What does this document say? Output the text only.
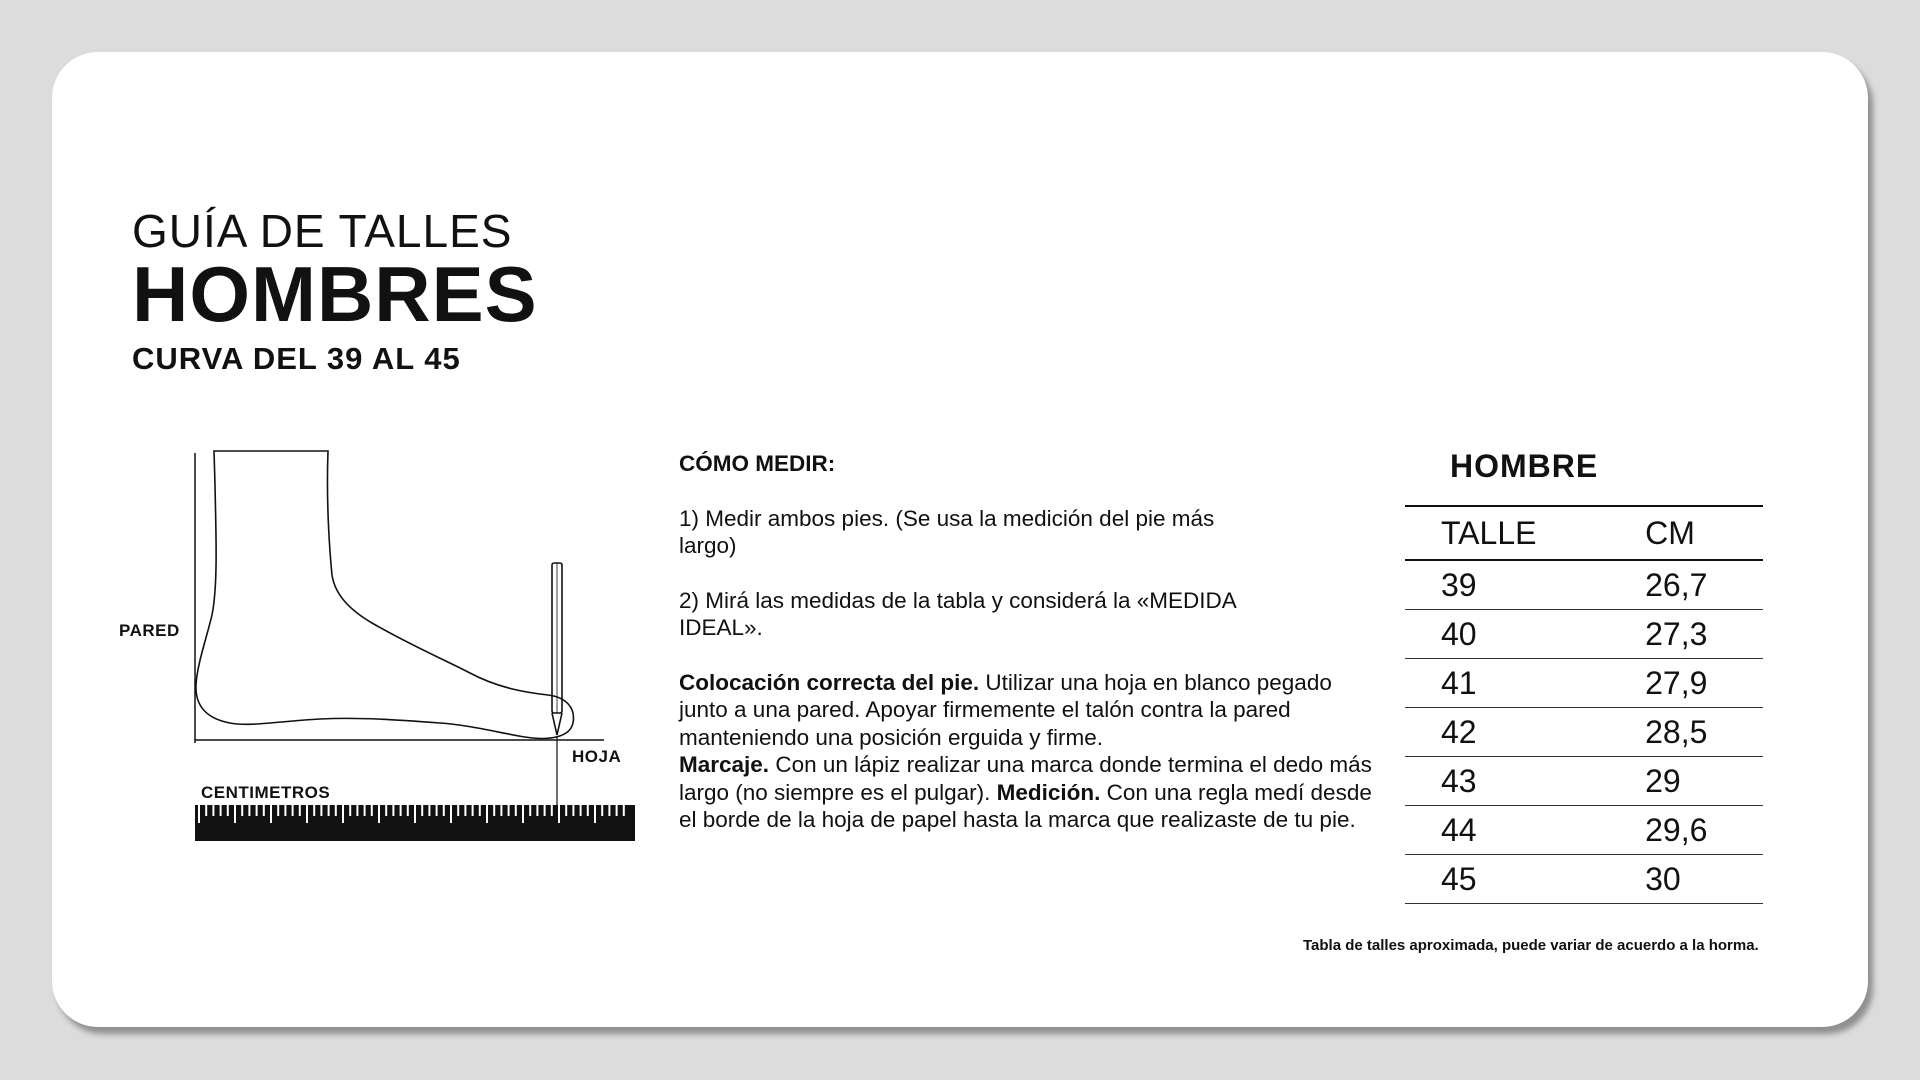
GUÍA DE TALLES
HOMBRES
CURVA DEL 39 AL 45
PARED
HOJA
CENTIMETROS

CÓMO MEDIR:

1) Medir ambos pies. (Se usa la medición del pie más largo)

2) Mirá las medidas de la tabla y considerá la «MEDIDA IDEAL».

Colocación correcta del pie. Utilizar una hoja en blanco pegado junto a una pared. Apoyar firmemente el talón contra la pared manteniendo una posición erguida y firme.
Marcaje. Con un lápiz realizar una marca donde termina el dedo más largo (no siempre es el pulgar). Medición. Con una regla medí desde el borde de la hoja de papel hasta la marca que realizaste de tu pie.

HOMBRE
TALLE	CM
39	26,7
40	27,3
41	27,9
42	28,5
43	29
44	29,6
45	30
Tabla de talles aproximada, puede variar de acuerdo a la horma.
